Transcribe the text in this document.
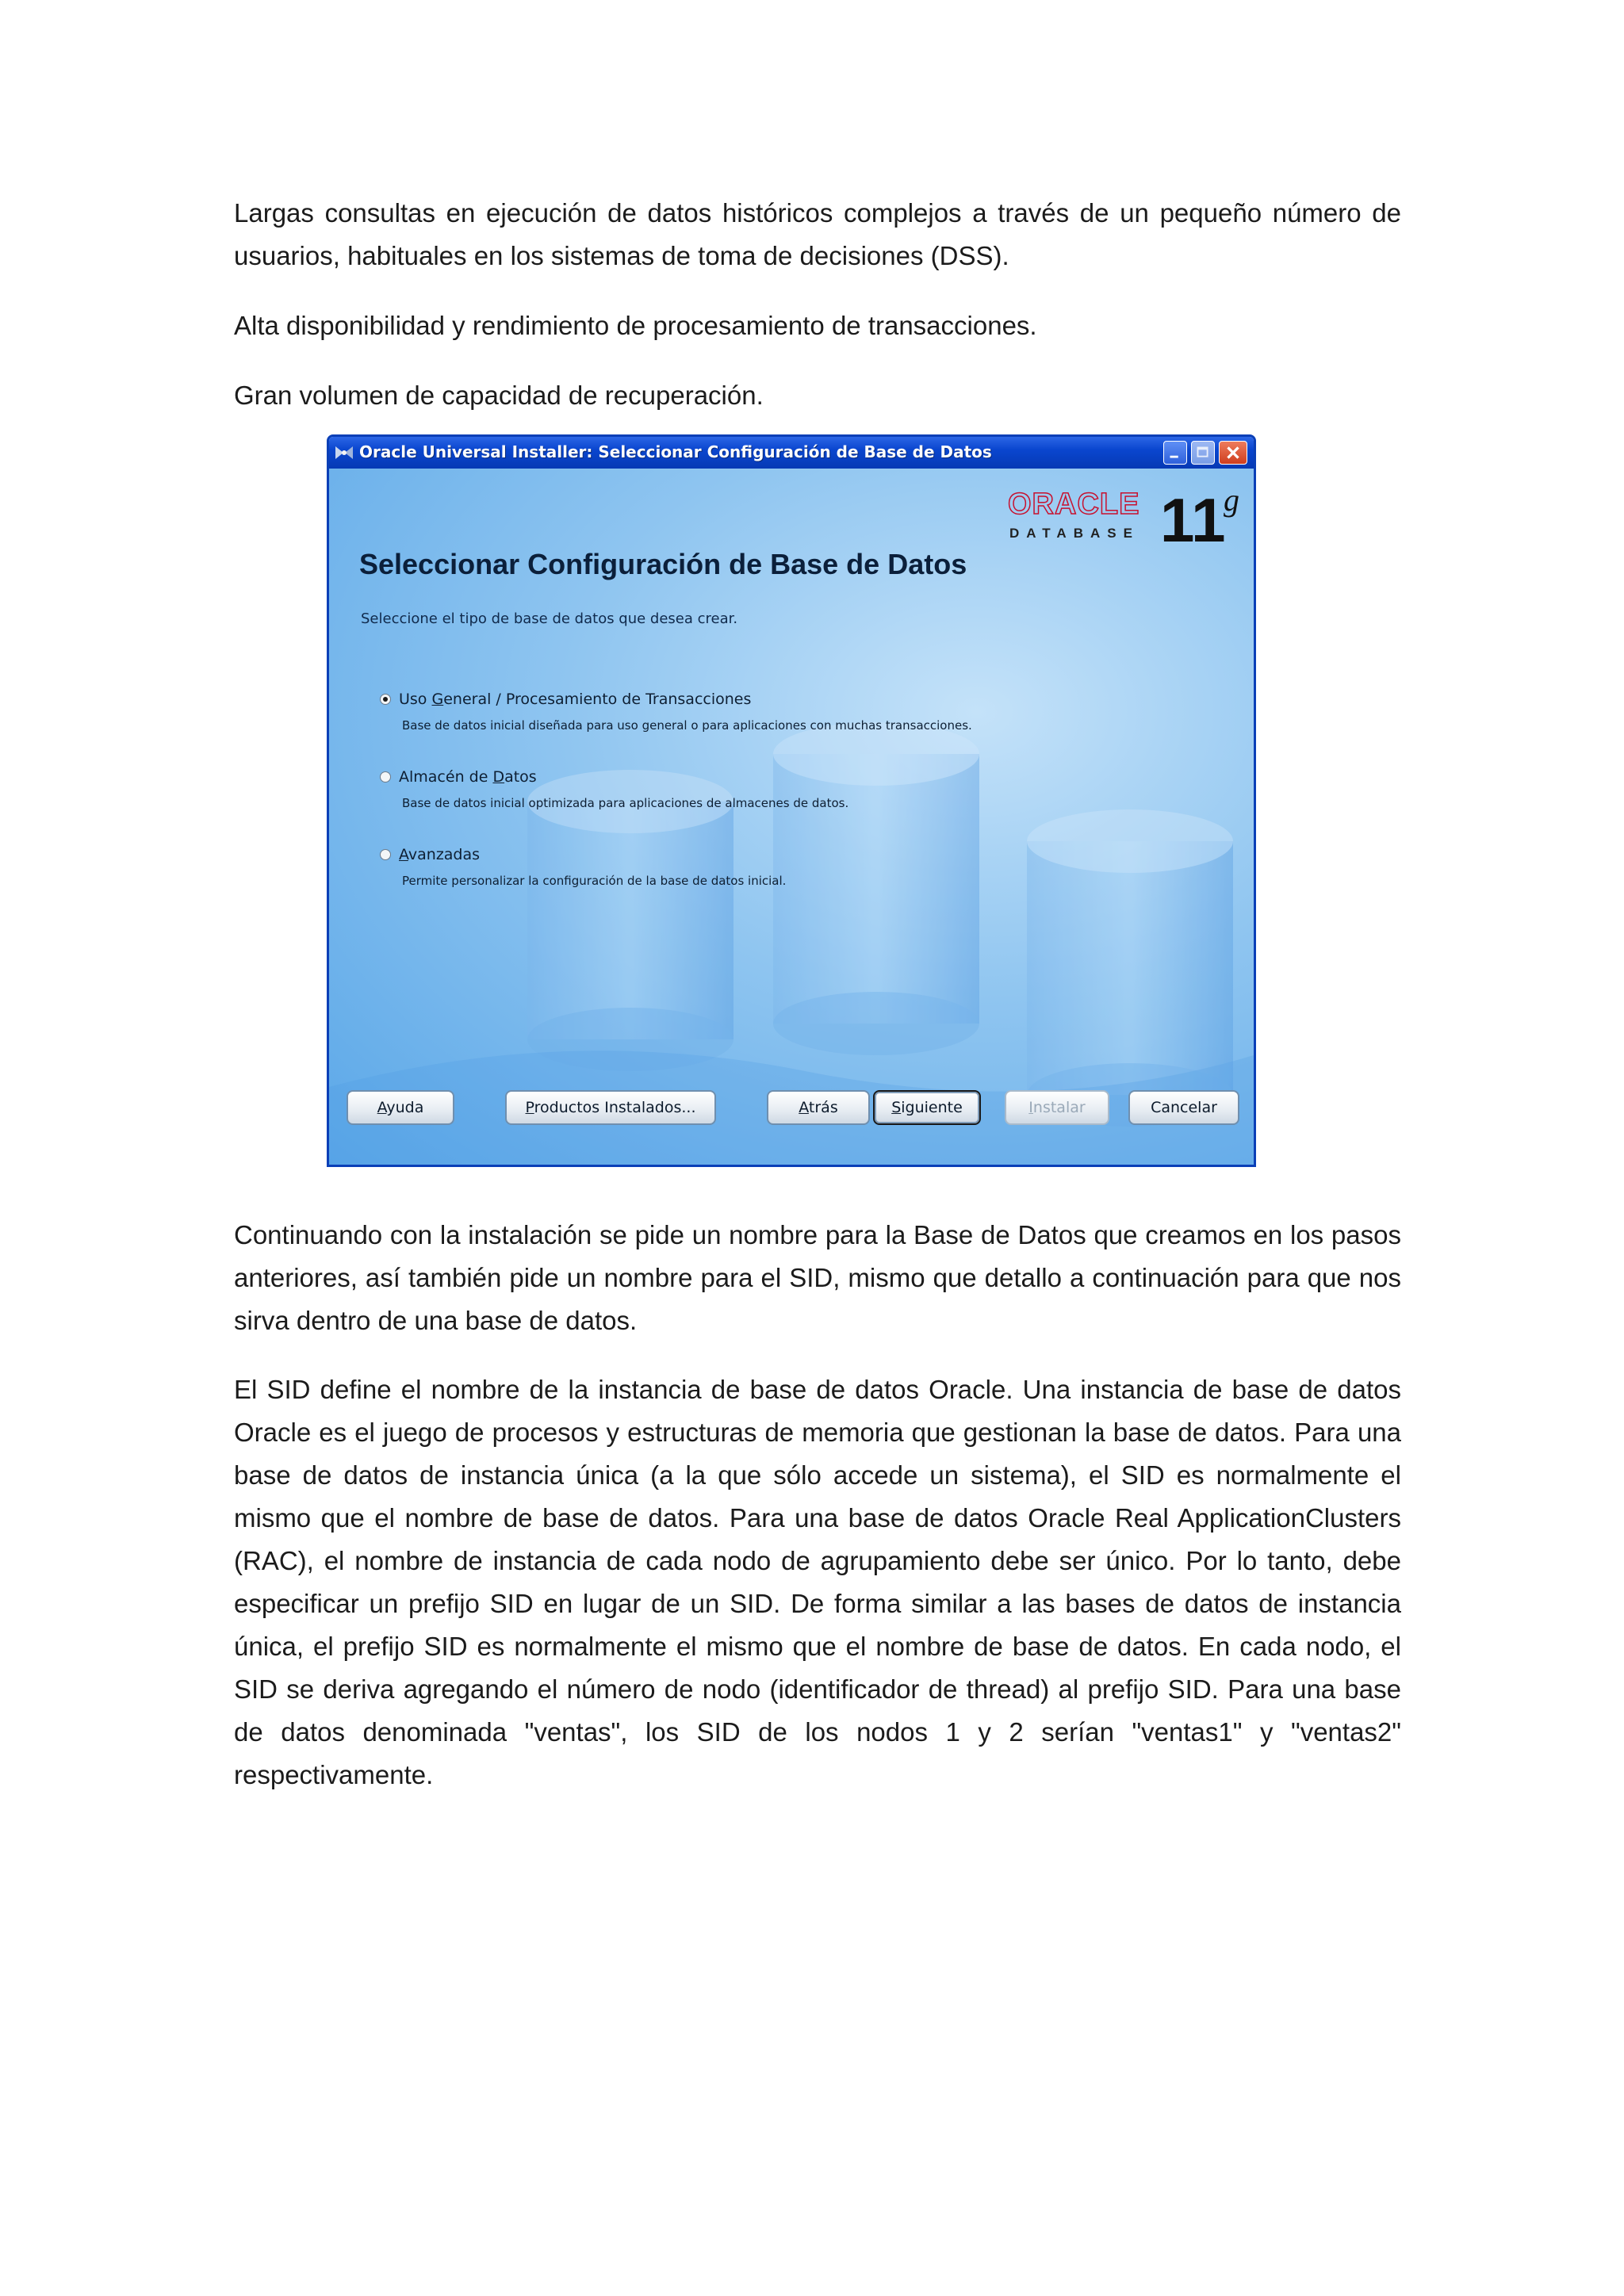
Largas consultas en ejecución de datos históricos complejos a través de un pequeño número de usuarios, habituales en los sistemas de toma de decisiones (DSS).

Alta disponibilidad y rendimiento de procesamiento de transacciones.

Gran volumen de capacidad de recuperación.

Oracle Universal Installer: Seleccionar Configuración de Base de Datos
ORACLE
DATABASE 11
g
Seleccionar Configuración de Base de Datos
Seleccione el tipo de base de datos que desea crear.
Uso General / Procesamiento de Transacciones
Base de datos inicial diseñada para uso general o para aplicaciones con muchas transacciones.
Almacén de Datos
Base de datos inicial optimizada para aplicaciones de almacenes de datos.
Avanzadas
Permite personalizar la configuración de la base de datos inicial.
Ayuda	Productos Instalados...	Atrás	Siguiente	Instalar	Cancelar

Continuando con la instalación se pide un nombre para la Base de Datos que creamos en los pasos anteriores, así también pide un nombre para el SID, mismo que detallo a continuación para que nos sirva dentro de una base de datos.

El SID define el nombre de la instancia de base de datos Oracle. Una instancia de base de datos Oracle es el juego de procesos y estructuras de memoria que gestionan la base de datos. Para una base de datos de instancia única (a la que sólo accede un sistema), el SID es normalmente el mismo que el nombre de base de datos. Para una base de datos Oracle Real ApplicationClusters (RAC), el nombre de instancia de cada nodo de agrupamiento debe ser único. Por lo tanto, debe especificar un prefijo SID en lugar de un SID. De forma similar a las bases de datos de instancia única, el prefijo SID es normalmente el mismo que el nombre de base de datos. En cada nodo, el SID se deriva agregando el número de nodo (identificador de thread) al prefijo SID. Para una base de datos denominada "ventas", los SID de los nodos 1 y 2 serían "ventas1" y "ventas2" respectivamente.
